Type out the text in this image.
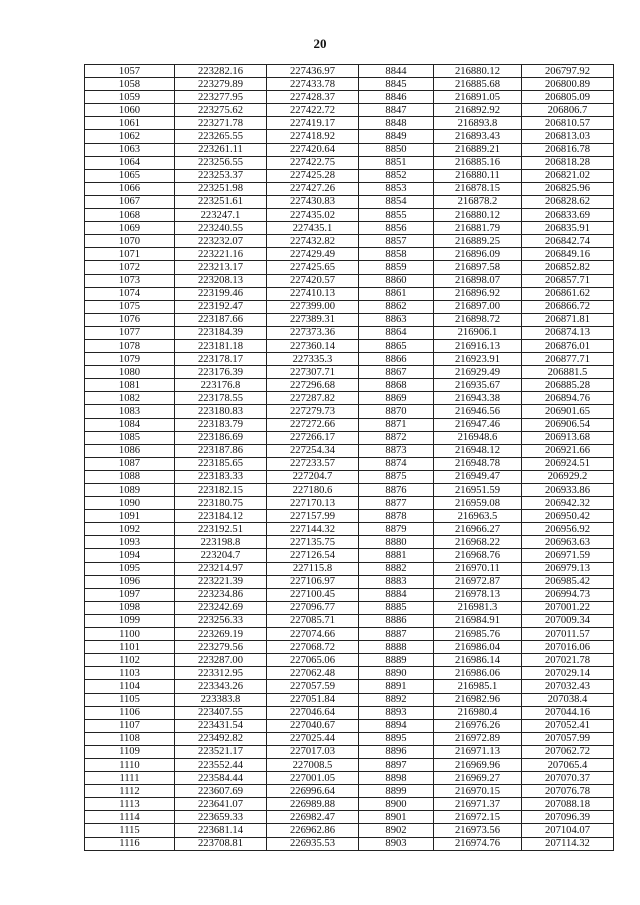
20
1057	223282.16	227436.97	8844	216880.12	206797.92
1058	223279.89	227433.78	8845	216885.68	206800.89
1059	223277.95	227428.37	8846	216891.05	206805.09
1060	223275.62	227422.72	8847	216892.92	206806.7
1061	223271.78	227419.17	8848	216893.8	206810.57
1062	223265.55	227418.92	8849	216893.43	206813.03
1063	223261.11	227420.64	8850	216889.21	206816.78
1064	223256.55	227422.75	8851	216885.16	206818.28
1065	223253.37	227425.28	8852	216880.11	206821.02
1066	223251.98	227427.26	8853	216878.15	206825.96
1067	223251.61	227430.83	8854	216878.2	206828.62
1068	223247.1	227435.02	8855	216880.12	206833.69
1069	223240.55	227435.1	8856	216881.79	206835.91
1070	223232.07	227432.82	8857	216889.25	206842.74
1071	223221.16	227429.49	8858	216896.09	206849.16
1072	223213.17	227425.65	8859	216897.58	206852.82
1073	223208.13	227420.57	8860	216898.07	206857.71
1074	223199.46	227410.13	8861	216896.92	206861.62
1075	223192.47	227399.00	8862	216897.00	206866.72
1076	223187.66	227389.31	8863	216898.72	206871.81
1077	223184.39	227373.36	8864	216906.1	206874.13
1078	223181.18	227360.14	8865	216916.13	206876.01
1079	223178.17	227335.3	8866	216923.91	206877.71
1080	223176.39	227307.71	8867	216929.49	206881.5
1081	223176.8	227296.68	8868	216935.67	206885.28
1082	223178.55	227287.82	8869	216943.38	206894.76
1083	223180.83	227279.73	8870	216946.56	206901.65
1084	223183.79	227272.66	8871	216947.46	206906.54
1085	223186.69	227266.17	8872	216948.6	206913.68
1086	223187.86	227254.34	8873	216948.12	206921.66
1087	223185.65	227233.57	8874	216948.78	206924.51
1088	223183.33	227204.7	8875	216949.47	206929.2
1089	223182.15	227180.6	8876	216951.59	206933.86
1090	223180.75	227170.13	8877	216959.08	206942.32
1091	223184.12	227157.99	8878	216963.5	206950.42
1092	223192.51	227144.32	8879	216966.27	206956.92
1093	223198.8	227135.75	8880	216968.22	206963.63
1094	223204.7	227126.54	8881	216968.76	206971.59
1095	223214.97	227115.8	8882	216970.11	206979.13
1096	223221.39	227106.97	8883	216972.87	206985.42
1097	223234.86	227100.45	8884	216978.13	206994.73
1098	223242.69	227096.77	8885	216981.3	207001.22
1099	223256.33	227085.71	8886	216984.91	207009.34
1100	223269.19	227074.66	8887	216985.76	207011.57
1101	223279.56	227068.72	8888	216986.04	207016.06
1102	223287.00	227065.06	8889	216986.14	207021.78
1103	223312.95	227062.48	8890	216986.06	207029.14
1104	223343.26	227057.59	8891	216985.1	207032.43
1105	223383.8	227051.84	8892	216982.96	207038.4
1106	223407.55	227046.64	8893	216980.4	207044.16
1107	223431.54	227040.67	8894	216976.26	207052.41
1108	223492.82	227025.44	8895	216972.89	207057.99
1109	223521.17	227017.03	8896	216971.13	207062.72
1110	223552.44	227008.5	8897	216969.96	207065.4
1111	223584.44	227001.05	8898	216969.27	207070.37
1112	223607.69	226996.64	8899	216970.15	207076.78
1113	223641.07	226989.88	8900	216971.37	207088.18
1114	223659.33	226982.47	8901	216972.15	207096.39
1115	223681.14	226962.86	8902	216973.56	207104.07
1116	223708.81	226935.53	8903	216974.76	207114.32
